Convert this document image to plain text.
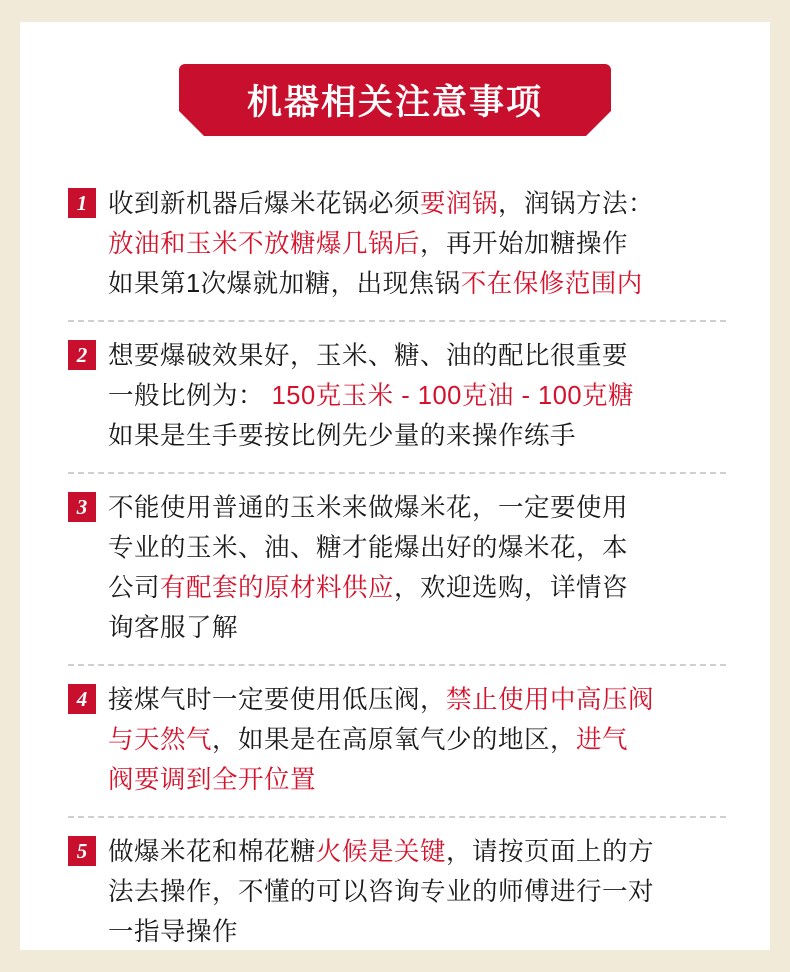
机器相关注意事项
1 收到新机器后爆米花锅必须要润锅，润锅方法：
放油和玉米不放糖爆几锅后，再开始加糖操作
如果第1次爆就加糖，出现焦锅不在保修范围内
2 想要爆破效果好，玉米、糖、油的配比很重要
一般比例为： 150克玉米 - 100克油 - 100克糖
如果是生手要按比例先少量的来操作练手
3 不能使用普通的玉米来做爆米花，一定要使用
专业的玉米、油、糖才能爆出好的爆米花，本
公司有配套的原材料供应，欢迎选购，详情咨
询客服了解
4 接煤气时一定要使用低压阀，禁止使用中高压阀
与天然气，如果是在高原氧气少的地区，进气
阀要调到全开位置
5 做爆米花和棉花糖火候是关键，请按页面上的方
法去操作，不懂的可以咨询专业的师傅进行一对
一指导操作
